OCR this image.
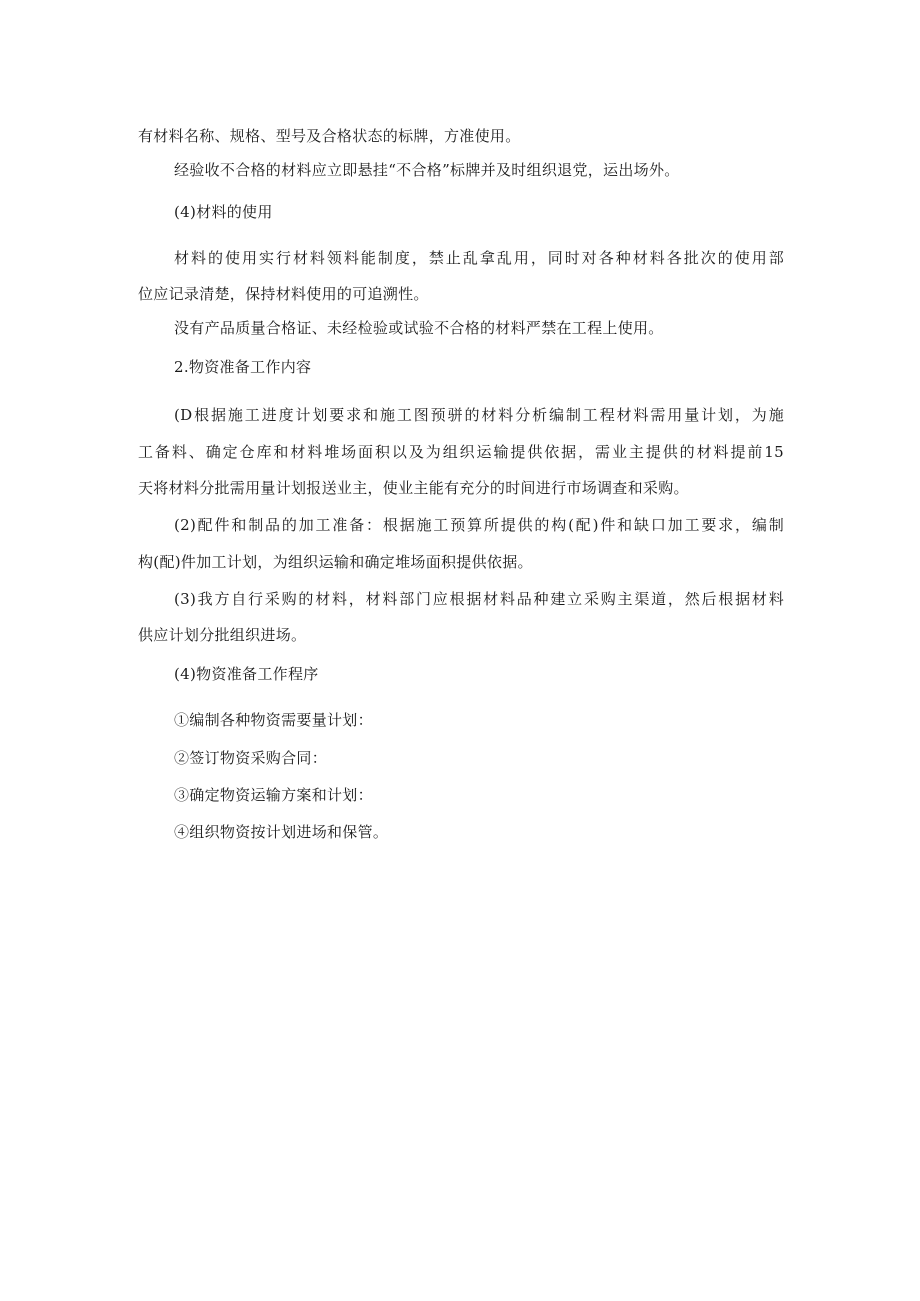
有材料名称、规格、型号及合格状态的标牌，方准使用。
经验收不合格的材料应立即悬挂“不合格”标牌并及时组织退党，运出场外。
(4)材料的使用
材料的使用实行材料领料能制度，禁止乱拿乱用，同时对各种材料各批次的使用部
位应记录清楚，保持材料使用的可追溯性。
没有产品质量合格证、未经检验或试验不合格的材料严禁在工程上使用。
2.物资准备工作内容
(D根据施工进度计划要求和施工图预骈的材料分析编制工程材料需用量计划，为施
工备料、确定仓库和材料堆场面积以及为组织运输提供依据，需业主提供的材料提前15
天将材料分批需用量计划报送业主，使业主能有充分的时间进行市场调查和采购。
(2)配件和制品的加工准备：根据施工预算所提供的构(配)件和缺口加工要求，编制
构(配)件加工计划，为组织运输和确定堆场面积提供依据。
(3)我方自行采购的材料，材料部门应根据材料品种建立采购主渠道，然后根据材料
供应计划分批组织进场。
(4)物资准备工作程序
①编制各种物资需要量计划：
②签订物资采购合同：
③确定物资运输方案和计划：
④组织物资按计划进场和保管。
